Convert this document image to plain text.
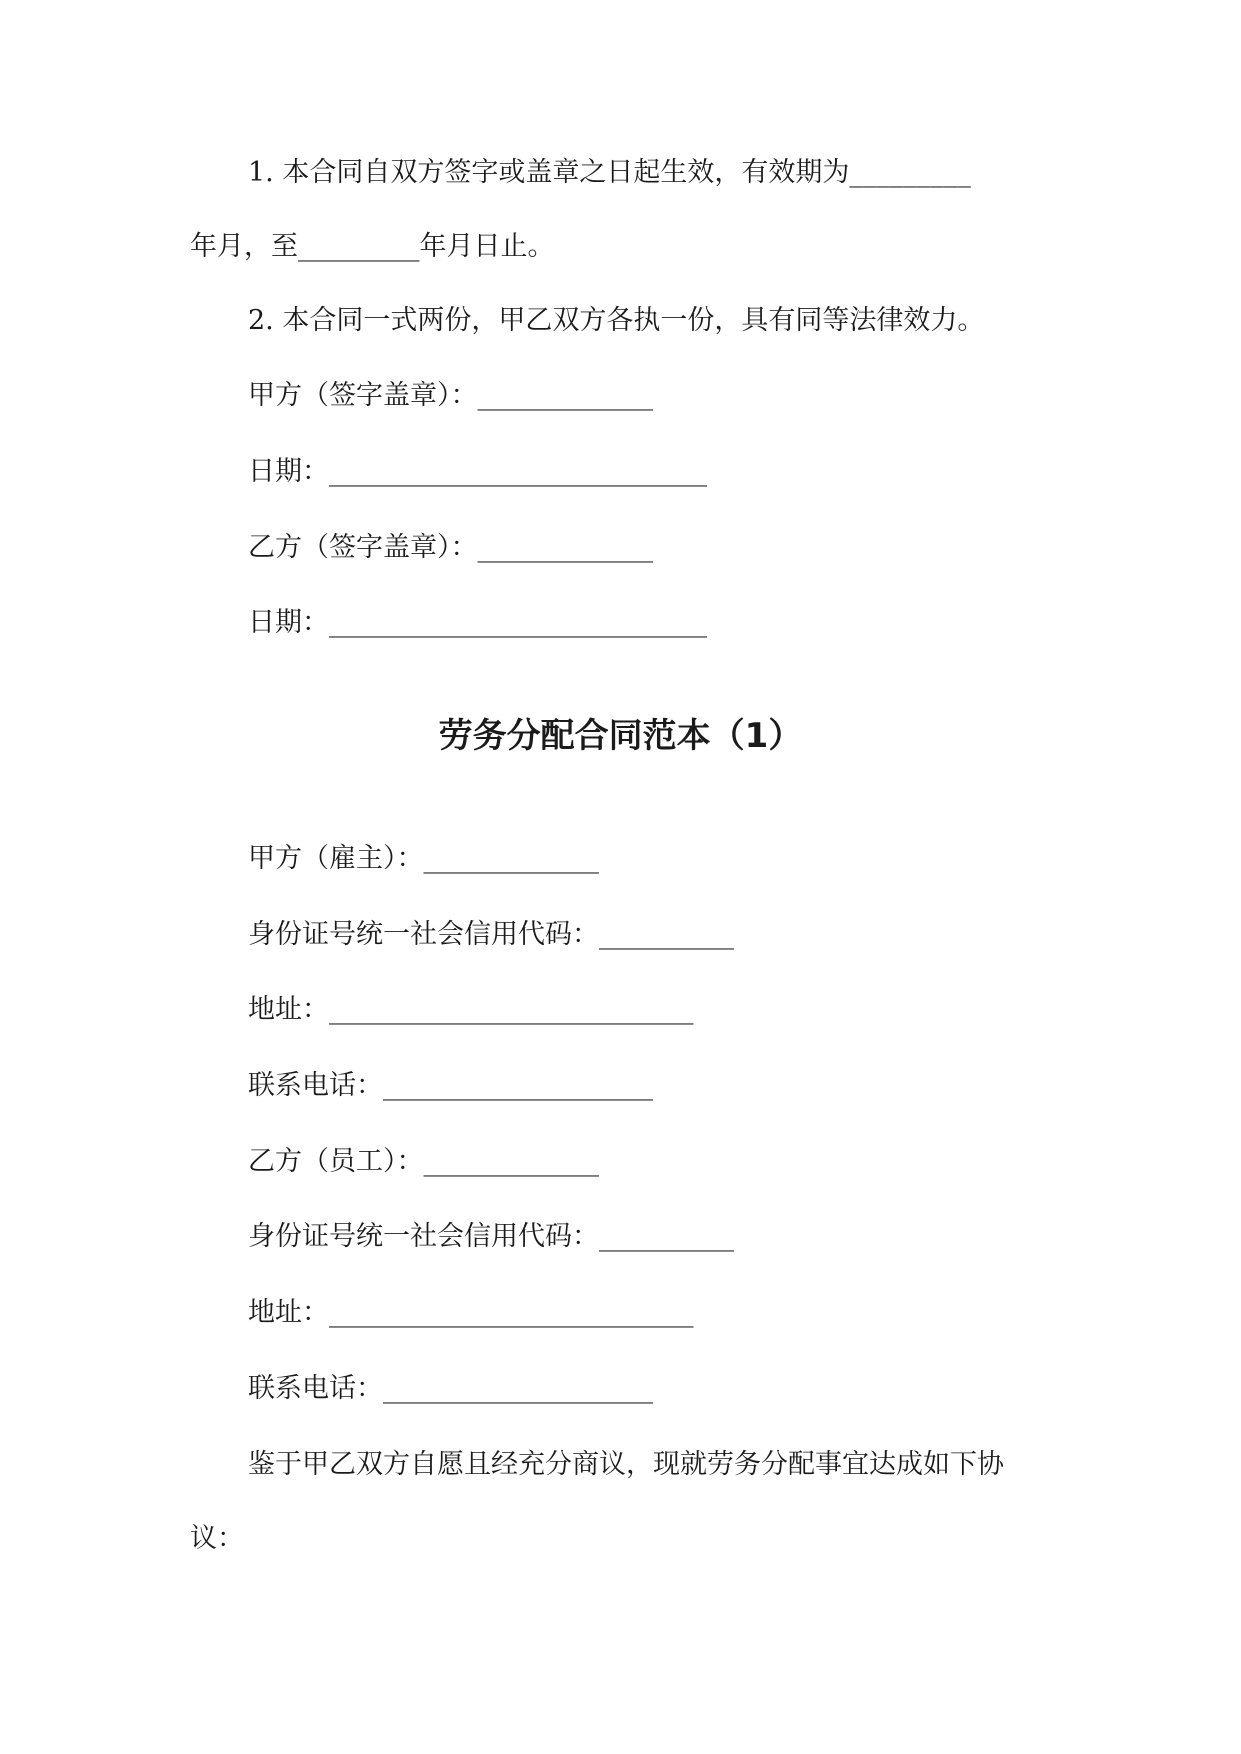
1. 本合同自双方签字或盖章之日起生效，有效期为_________
年月，至_________年月日止。
2. 本合同一式两份，甲乙双方各执一份，具有同等法律效力。
甲方（签字盖章）：_____________
日期：____________________________
乙方（签字盖章）：_____________
日期：____________________________
劳务分配合同范本（1）
甲方（雇主）：_____________
身份证号统一社会信用代码：__________
地址：___________________________
联系电话：____________________
乙方（员工）：_____________
身份证号统一社会信用代码：__________
地址：___________________________
联系电话：____________________
鉴于甲乙双方自愿且经充分商议，现就劳务分配事宜达成如下协
议：
